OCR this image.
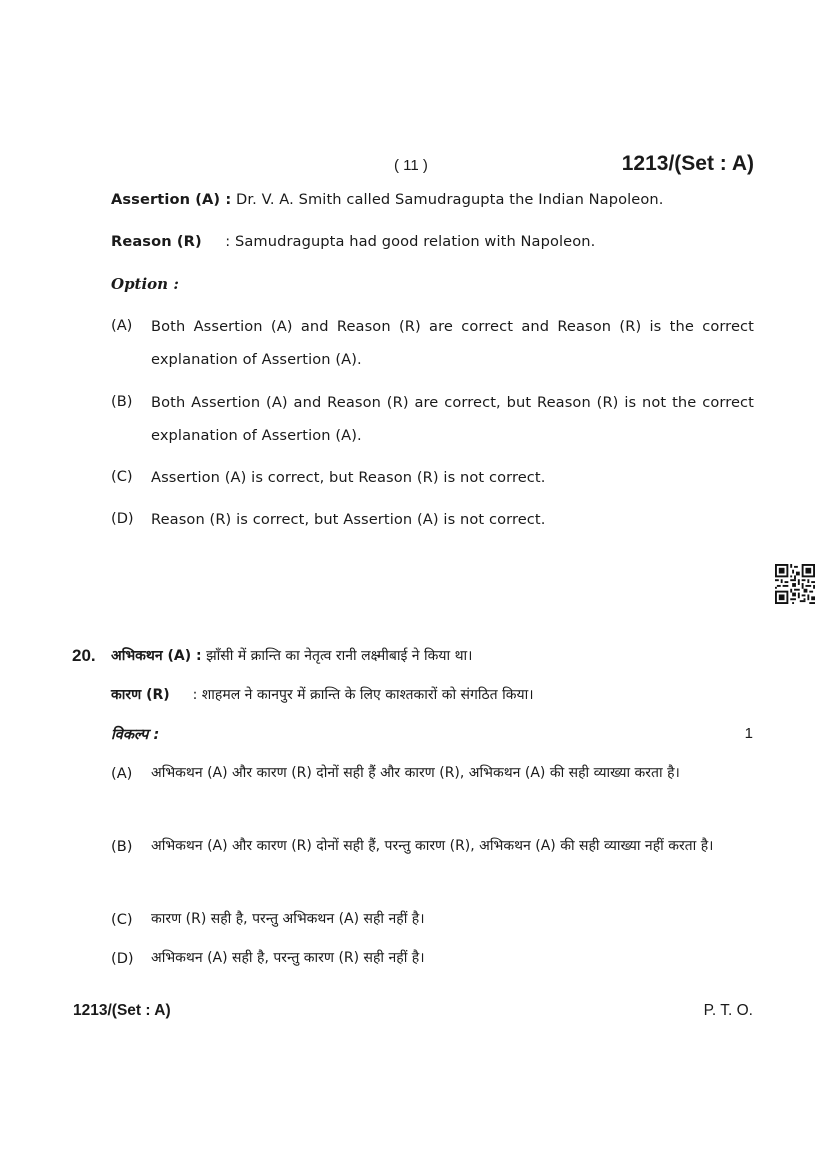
( 11 )	1213/(Set : A)
Assertion (A) : Dr. V. A. Smith called Samudragupta the Indian Napoleon.
Reason (R) : Samudragupta had good relation with Napoleon.
Option :
(A) Both Assertion (A) and Reason (R) are correct and Reason (R) is the correct explanation of Assertion (A).
(B) Both Assertion (A) and Reason (R) are correct, but Reason (R) is not the correct explanation of Assertion (A).
(C) Assertion (A) is correct, but Reason (R) is not correct.
(D) Reason (R) is correct, but Assertion (A) is not correct.
20. अभिकथन (A) : झाँसी में क्रान्ति का नेतृत्व रानी लक्ष्मीबाई ने किया था।
कारण (R) : शाहमल ने कानपुर में क्रान्ति के लिए काश्तकारों को संगठित किया।
विकल्प :	1
(A) अभिकथन (A) और कारण (R) दोनों सही हैं और कारण (R), अभिकथन (A) की सही व्याख्या करता है।
(B) अभिकथन (A) और कारण (R) दोनों सही हैं, परन्तु कारण (R), अभिकथन (A) की सही व्याख्या नहीं करता है।
(C) कारण (R) सही है, परन्तु अभिकथन (A) सही नहीं है।
(D) अभिकथन (A) सही है, परन्तु कारण (R) सही नहीं है।
1213/(Set : A)	P. T. O.
